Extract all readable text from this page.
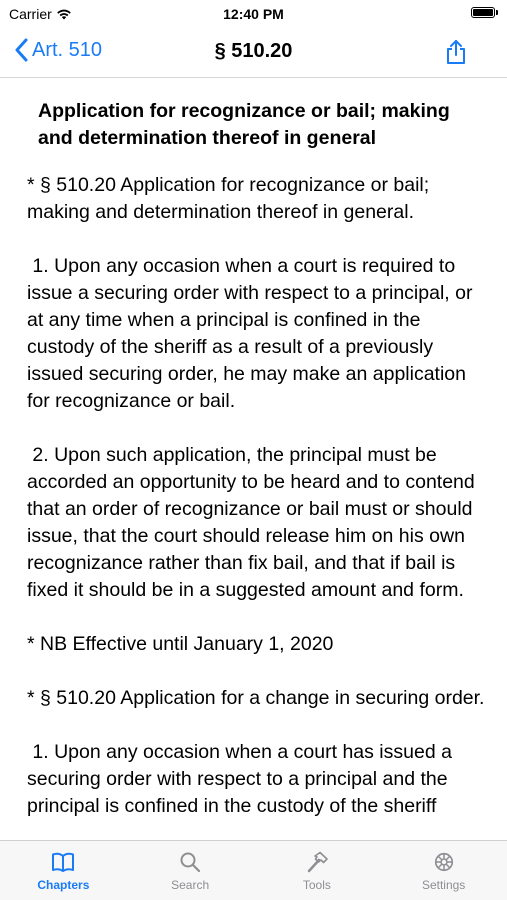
Carrier	12:40 PM
Art. 510	§ 510.20
Application for recognizance or bail; making and determination thereof in general
* § 510.20 Application for recognizance or bail; making and determination thereof in general.

1. Upon any occasion when a court is required to issue a securing order with respect to a principal, or at any time when a principal is confined in the custody of the sheriff as a result of a previously issued securing order, he may make an application for recognizance or bail.

2. Upon such application, the principal must be accorded an opportunity to be heard and to contend that an order of recognizance or bail must or should issue, that the court should release him on his own recognizance rather than fix bail, and that if bail is fixed it should be in a suggested amount and form.

* NB Effective until January 1, 2020

* § 510.20 Application for a change in securing order.

1. Upon any occasion when a court has issued a securing order with respect to a principal and the principal is confined in the custody of the sheriff
Chapters	Search	Tools	Settings
